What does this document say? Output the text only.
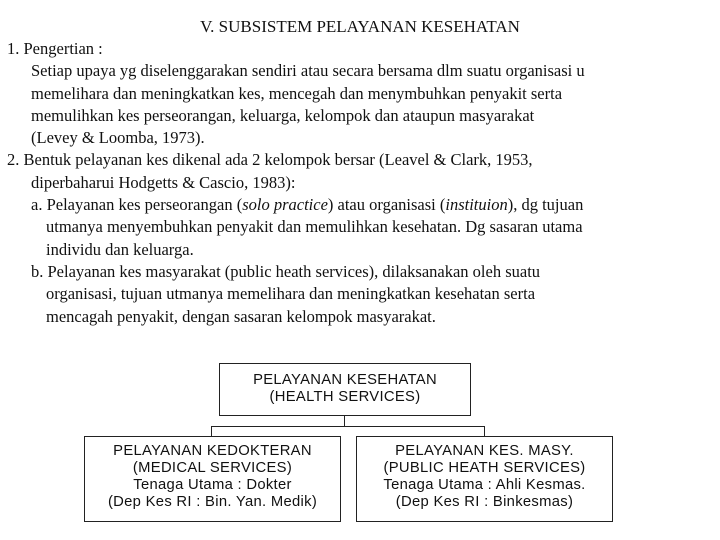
V. SUBSISTEM PELAYANAN KESEHATAN
1. Pengertian :
Setiap upaya yg diselenggarakan sendiri atau secara bersama dlm suatu organisasi u
memelihara dan meningkatkan kes, mencegah dan menymbuhkan penyakit serta
memulihkan kes perseorangan, keluarga, kelompok dan ataupun masyarakat
(Levey & Loomba, 1973).
2. Bentuk pelayanan kes dikenal ada 2 kelompok bersar (Leavel & Clark, 1953,
diperbaharui Hodgetts & Cascio, 1983):
a. Pelayanan kes perseorangan (solo practice) atau organisasi (instituion), dg tujuan
utmanya menyembuhkan penyakit dan memulihkan kesehatan. Dg sasaran utama
individu dan keluarga.
b. Pelayanan kes masyarakat (public heath services), dilaksanakan oleh suatu
organisasi, tujuan utmanya memelihara dan meningkatkan kesehatan serta
mencagah penyakit, dengan sasaran kelompok masyarakat.
PELAYANAN KESEHATAN
(HEALTH SERVICES)
PELAYANAN KEDOKTERAN
(MEDICAL SERVICES)
Tenaga Utama : Dokter
(Dep Kes RI : Bin. Yan. Medik)
PELAYANAN KES. MASY.
(PUBLIC HEATH SERVICES)
Tenaga Utama : Ahli Kesmas.
(Dep Kes RI : Binkesmas)
